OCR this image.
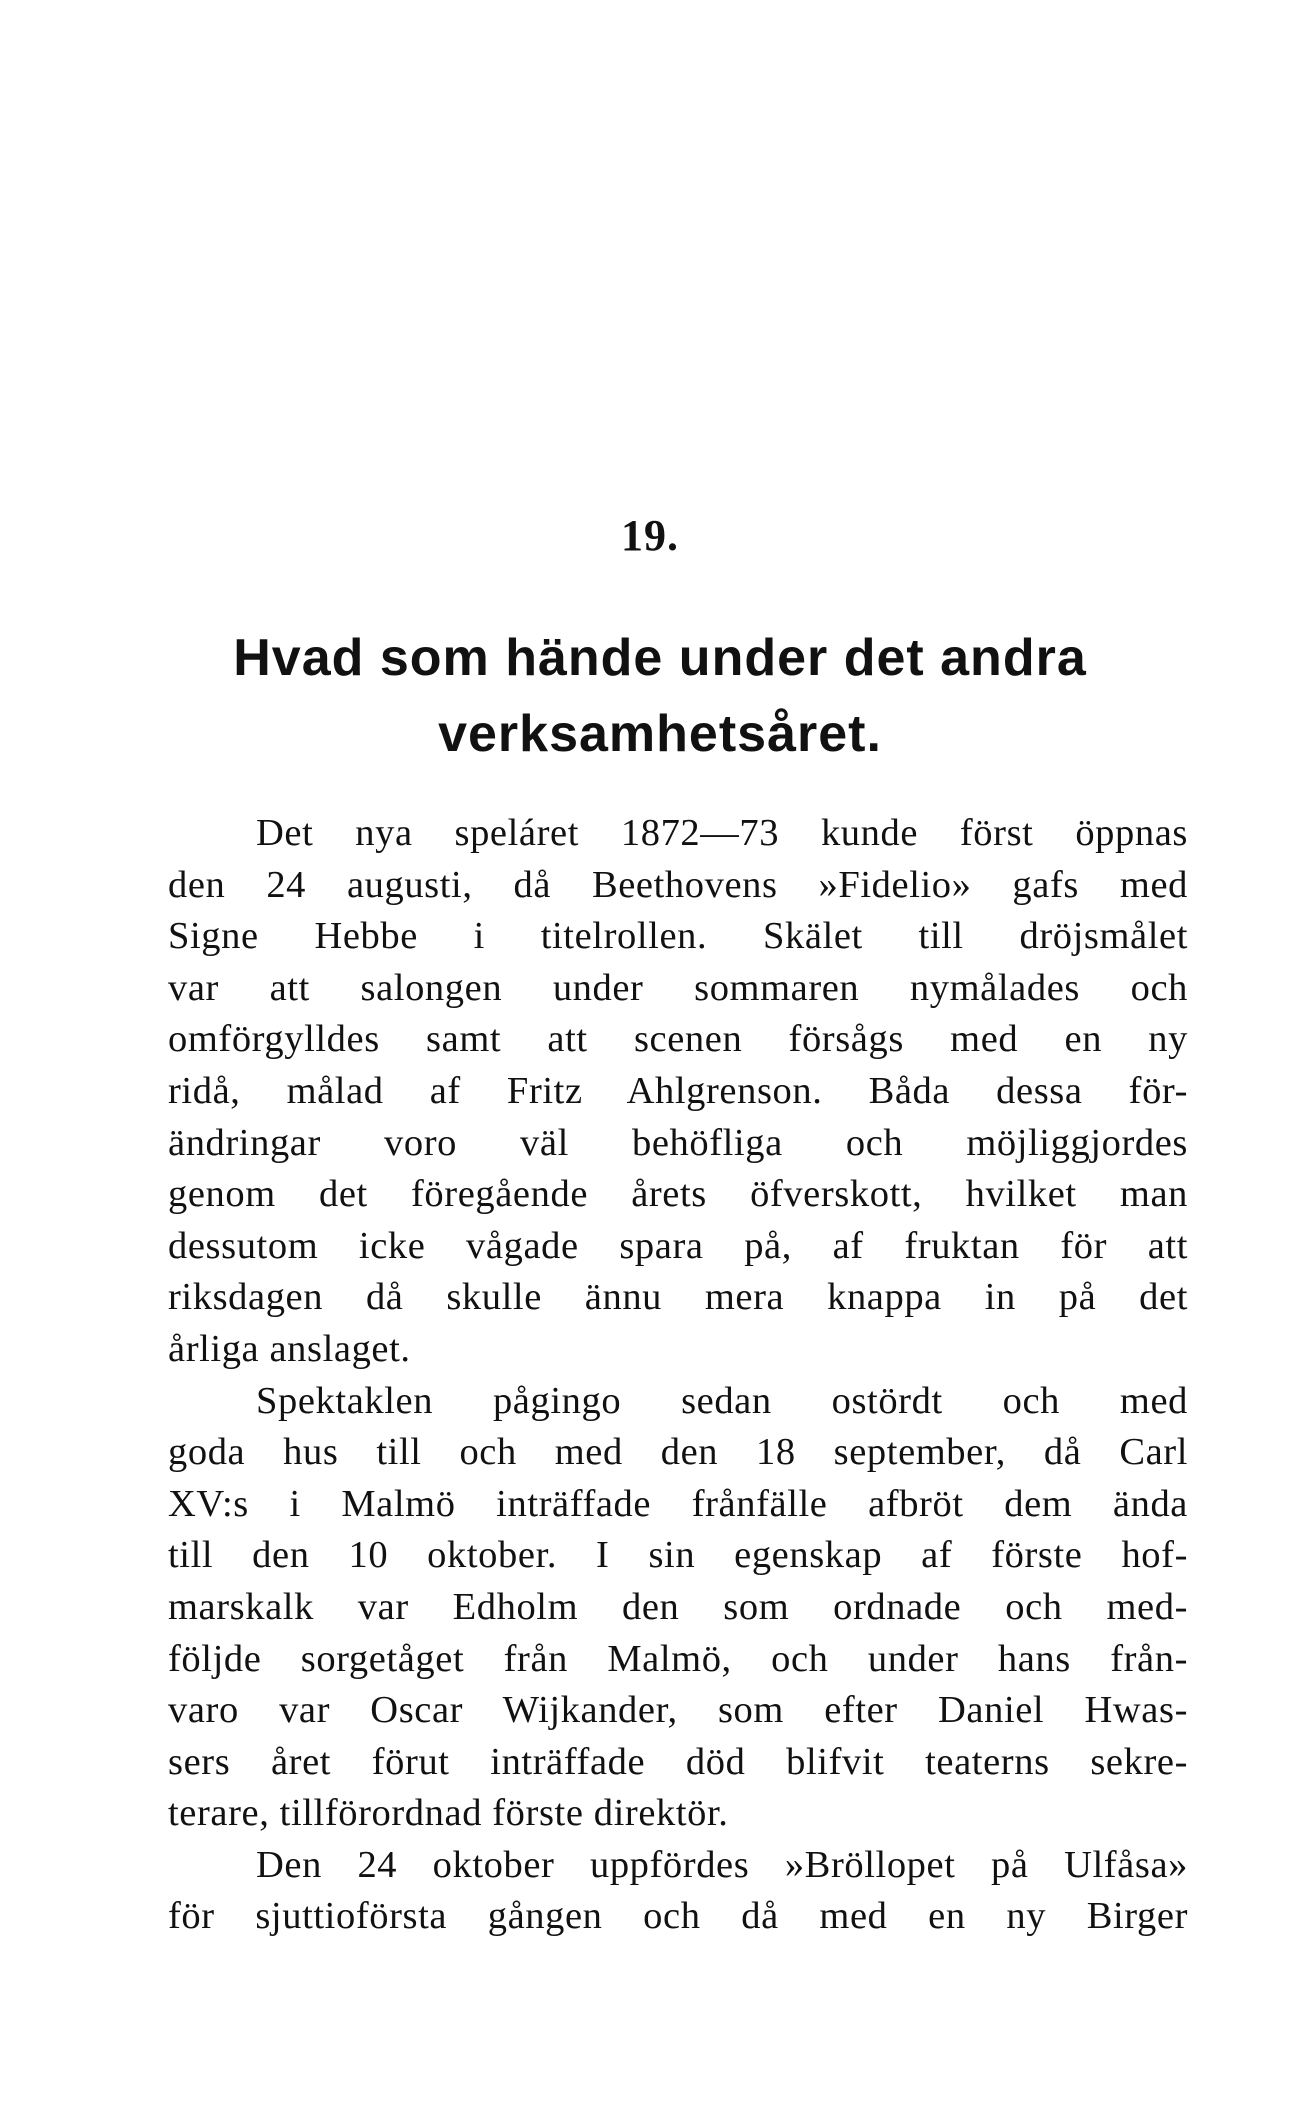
19.
Hvad som hände under det andra
verksamhetsåret.
Det nya speláret 1872—73 kunde först öppnas
den 24 augusti, då Beethovens »Fidelio» gafs med
Signe Hebbe i titelrollen. Skälet till dröjsmålet
var att salongen under sommaren nymålades och
omförgylldes samt att scenen försågs med en ny
ridå, målad af Fritz Ahlgrenson. Båda dessa för-
ändringar voro väl behöfliga och möjliggjordes
genom det föregående årets öfverskott, hvilket man
dessutom icke vågade spara på, af fruktan för att
riksdagen då skulle ännu mera knappa in på det
årliga anslaget.
Spektaklen pågingo sedan ostördt och med
goda hus till och med den 18 september, då Carl
XV:s i Malmö inträffade frånfälle afbröt dem ända
till den 10 oktober. I sin egenskap af förste hof-
marskalk var Edholm den som ordnade och med-
följde sorgetåget från Malmö, och under hans från-
varo var Oscar Wijkander, som efter Daniel Hwas-
sers året förut inträffade död blifvit teaterns sekre-
terare, tillförordnad förste direktör.
Den 24 oktober uppfördes »Bröllopet på Ulfåsa»
för sjuttioförsta gången och då med en ny Birger
